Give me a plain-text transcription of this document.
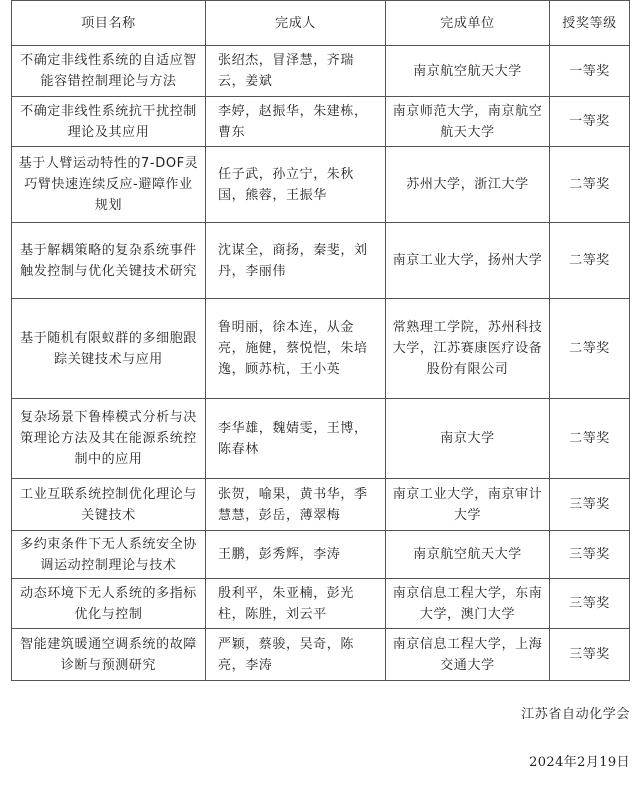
项目名称	完成人	完成单位	授奖等级
不确定非线性系统的自适应智能容错控制理论与方法	张绍杰，冒泽慧，齐瑞云，姜斌	南京航空航天大学	一等奖
不确定非线性系统抗干扰控制理论及其应用	李婷，赵振华，朱建栋，曹东	南京师范大学，南京航空航天大学	一等奖
基于人臂运动特性的7-DOF灵巧臂快速连续反应-避障作业规划	任子武，孙立宁，朱秋国，熊蓉，王振华	苏州大学，浙江大学	二等奖
基于解耦策略的复杂系统事件触发控制与优化关键技术研究	沈谋全，商扬，秦斐，刘丹，李丽伟	南京工业大学，扬州大学	二等奖
基于随机有限蚁群的多细胞跟踪关键技术与应用	鲁明丽，徐本连，从金亮，施健，蔡悦恺，朱培逸，顾苏杭，王小英	常熟理工学院，苏州科技大学，江苏赛康医疗设备股份有限公司	二等奖
复杂场景下鲁棒模式分析与决策理论方法及其在能源系统控制中的应用	李华雄，魏婧雯，王博，陈春林	南京大学	二等奖
工业互联系统控制优化理论与关键技术	张贺，喻果，黄书华，季慧慧，彭岳，薄翠梅	南京工业大学，南京审计大学	三等奖
多约束条件下无人系统安全协调运动控制理论与技术	王鹏，彭秀辉，李涛	南京航空航天大学	三等奖
动态环境下无人系统的多指标优化与控制	殷利平，朱亚楠，彭光柱，陈胜，刘云平	南京信息工程大学，东南大学，澳门大学	三等奖
智能建筑暖通空调系统的故障诊断与预测研究	严颖，蔡骏，吴奇，陈亮，李涛	南京信息工程大学，上海交通大学	三等奖
江苏省自动化学会
2024年2月19日
